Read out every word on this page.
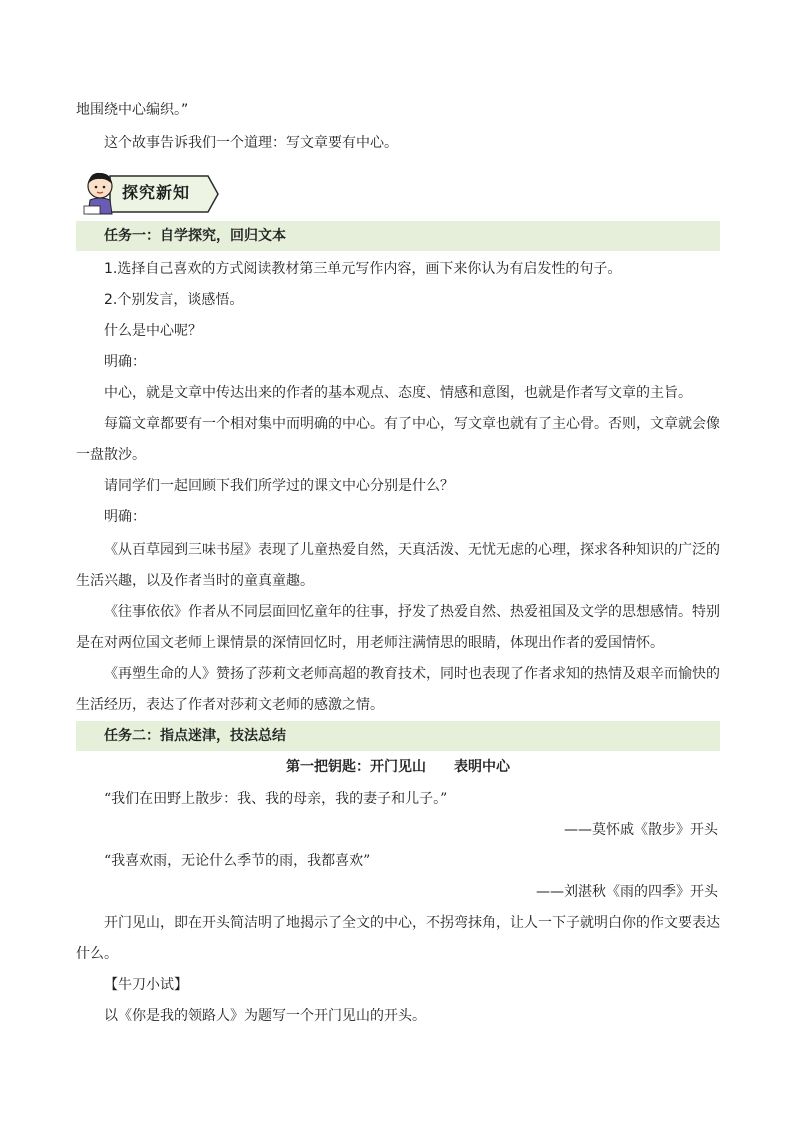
地围绕中心编织。”
这个故事告诉我们一个道理：写文章要有中心。
探究新知
任务一：自学探究，回归文本
1.选择自己喜欢的方式阅读教材第三单元写作内容，画下来你认为有启发性的句子。
2.个别发言，谈感悟。
什么是中心呢？
明确：
中心，就是文章中传达出来的作者的基本观点、态度、情感和意图，也就是作者写文章的主旨。
每篇文章都要有一个相对集中而明确的中心。有了中心，写文章也就有了主心骨。否则，文章就会像
一盘散沙。
请同学们一起回顾下我们所学过的课文中心分别是什么？
明确：
《从百草园到三味书屋》表现了儿童热爱自然，天真活泼、无忧无虑的心理，探求各种知识的广泛的
生活兴趣，以及作者当时的童真童趣。
《往事依依》作者从不同层面回忆童年的往事，抒发了热爱自然、热爱祖国及文学的思想感情。特别
是在对两位国文老师上课情景的深情回忆时，用老师注满情思的眼睛，体现出作者的爱国情怀。
《再塑生命的人》赞扬了莎莉文老师高超的教育技术，同时也表现了作者求知的热情及艰辛而愉快的
生活经历，表达了作者对莎莉文老师的感激之情。
任务二：指点迷津，技法总结
第一把钥匙：开门见山　　表明中心
“我们在田野上散步：我、我的母亲，我的妻子和儿子。”
——莫怀戚《散步》开头
“我喜欢雨，无论什么季节的雨，我都喜欢”
——刘湛秋《雨的四季》开头
开门见山，即在开头简洁明了地揭示了全文的中心，不拐弯抹角，让人一下子就明白你的作文要表达
什么。
【牛刀小试】
以《你是我的领路人》为题写一个开门见山的开头。
